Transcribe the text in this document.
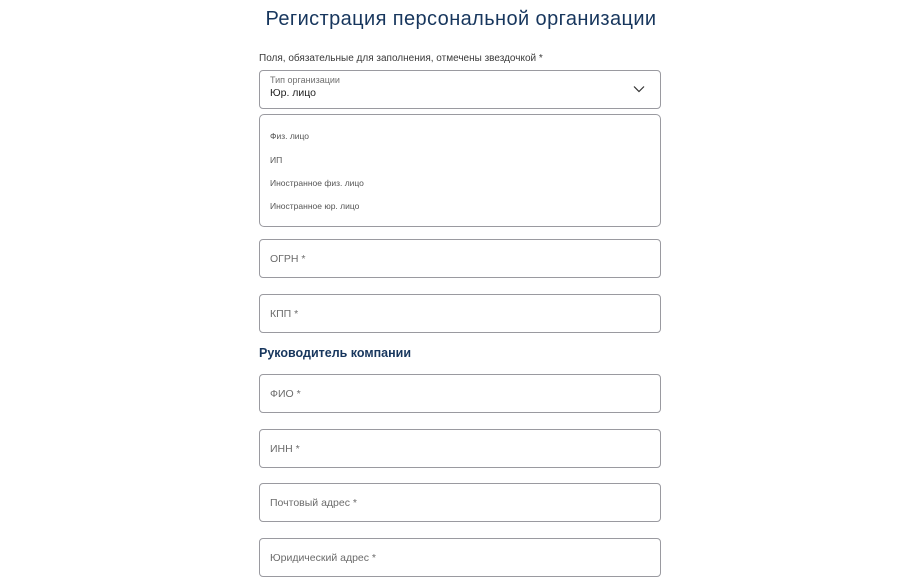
Регистрация персональной организации
Поля, обязательные для заполнения, отмечены звездочкой *
Тип организации
Юр. лицо
Физ. лицо
ИП
Иностранное физ. лицо
Иностранное юр. лицо
ОГРН *
КПП *
Руководитель компании
ФИО *
ИНН *
Почтовый адрес *
Юридический адрес *
